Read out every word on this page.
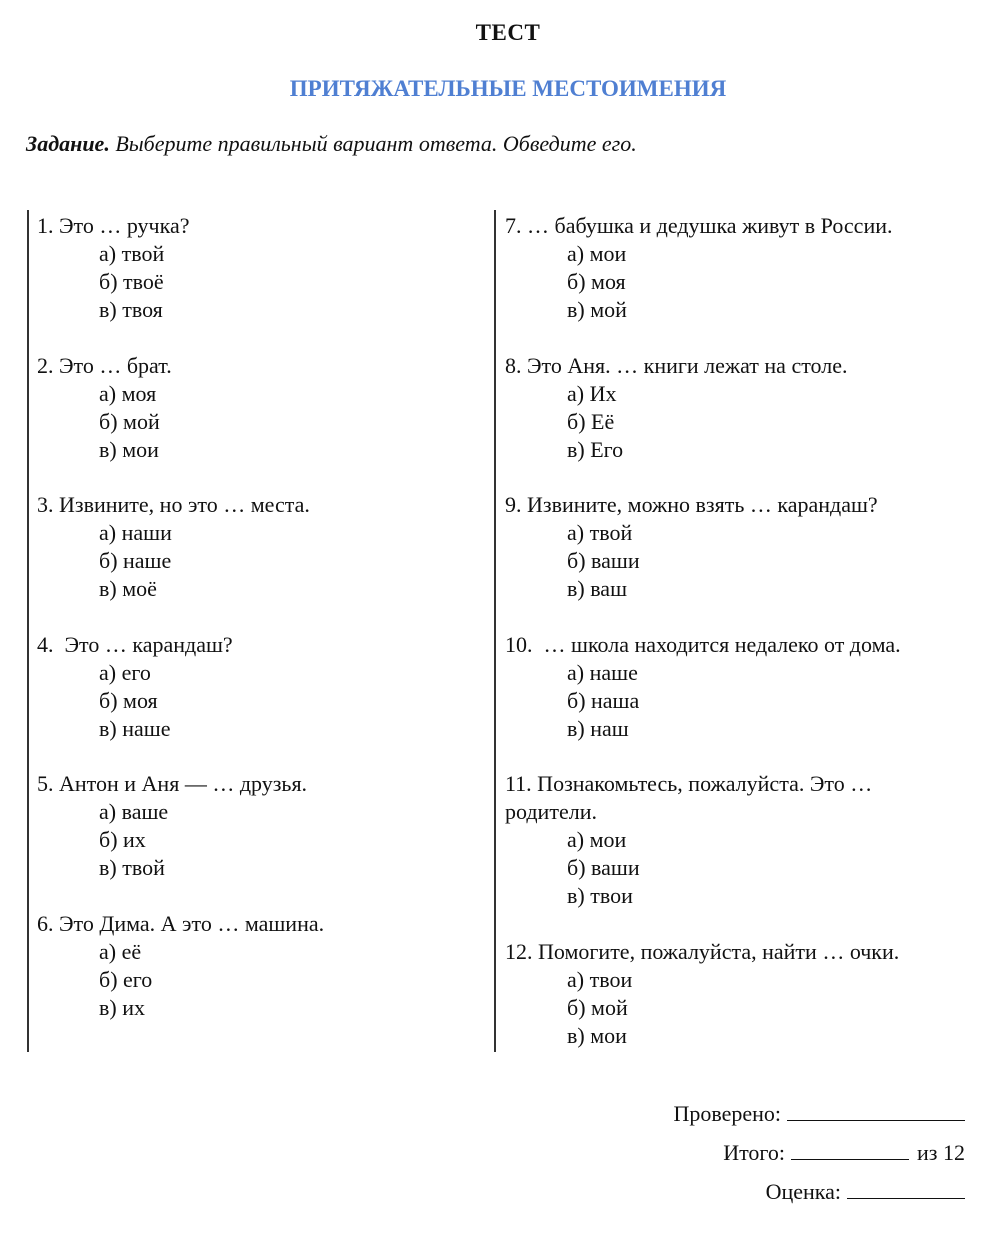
ТЕСТ
ПРИТЯЖАТЕЛЬНЫЕ МЕСТОИМЕНИЯ
Задание. Выберите правильный вариант ответа. Обведите его.
1. Это … ручка?
а) твой
б) твоё
в) твоя
2. Это … брат.
а) моя
б) мой
в) мои
3. Извините, но это … места.
а) наши
б) наше
в) моё
4.  Это … карандаш?
а) его
б) моя
в) наше
5. Антон и Аня — … друзья.
а) ваше
б) их
в) твой
6. Это Дима. А это … машина.
а) её
б) его
в) их
7. … бабушка и дедушка живут в России.
а) мои
б) моя
в) мой
8. Это Аня. … книги лежат на столе.
а) Их
б) Её
в) Его
9. Извините, можно взять … карандаш?
а) твой
б) ваши
в) ваш
10.  … школа находится недалеко от дома.
а) наше
б) наша
в) наш
11. Познакомьтесь, пожалуйста. Это …
родители.
а) мои
б) ваши
в) твои
12. Помогите, пожалуйста, найти … очки.
а) твои
б) мой
в) мои
Проверено:
Итого:	из 12
Оценка:
